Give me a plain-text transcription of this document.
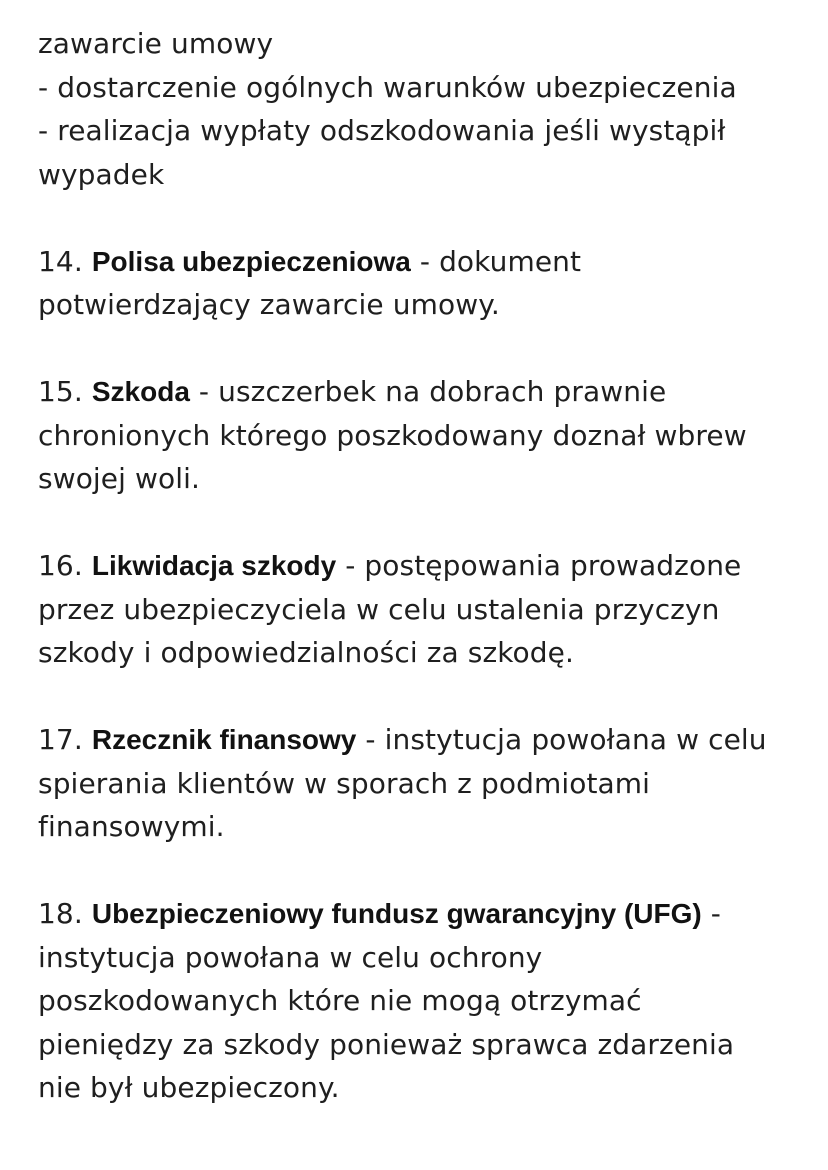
zawarcie umowy
- dostarczenie ogólnych warunków ubezpieczenia
- realizacja wypłaty odszkodowania jeśli wystąpił
wypadek
14. Polisa ubezpieczeniowa - dokument
potwierdzający zawarcie umowy.
15. Szkoda - uszczerbek na dobrach prawnie
chronionych którego poszkodowany doznał wbrew
swojej woli.
16. Likwidacja szkody - postępowania prowadzone
przez ubezpieczyciela w celu ustalenia przyczyn
szkody i odpowiedzialności za szkodę.
17. Rzecznik finansowy - instytucja powołana w celu
spierania klientów w sporach z podmiotami
finansowymi.
18. Ubezpieczeniowy fundusz gwarancyjny (UFG) -
instytucja powołana w celu ochrony
poszkodowanych które nie mogą otrzymać
pieniędzy za szkody ponieważ sprawca zdarzenia
nie był ubezpieczony.
